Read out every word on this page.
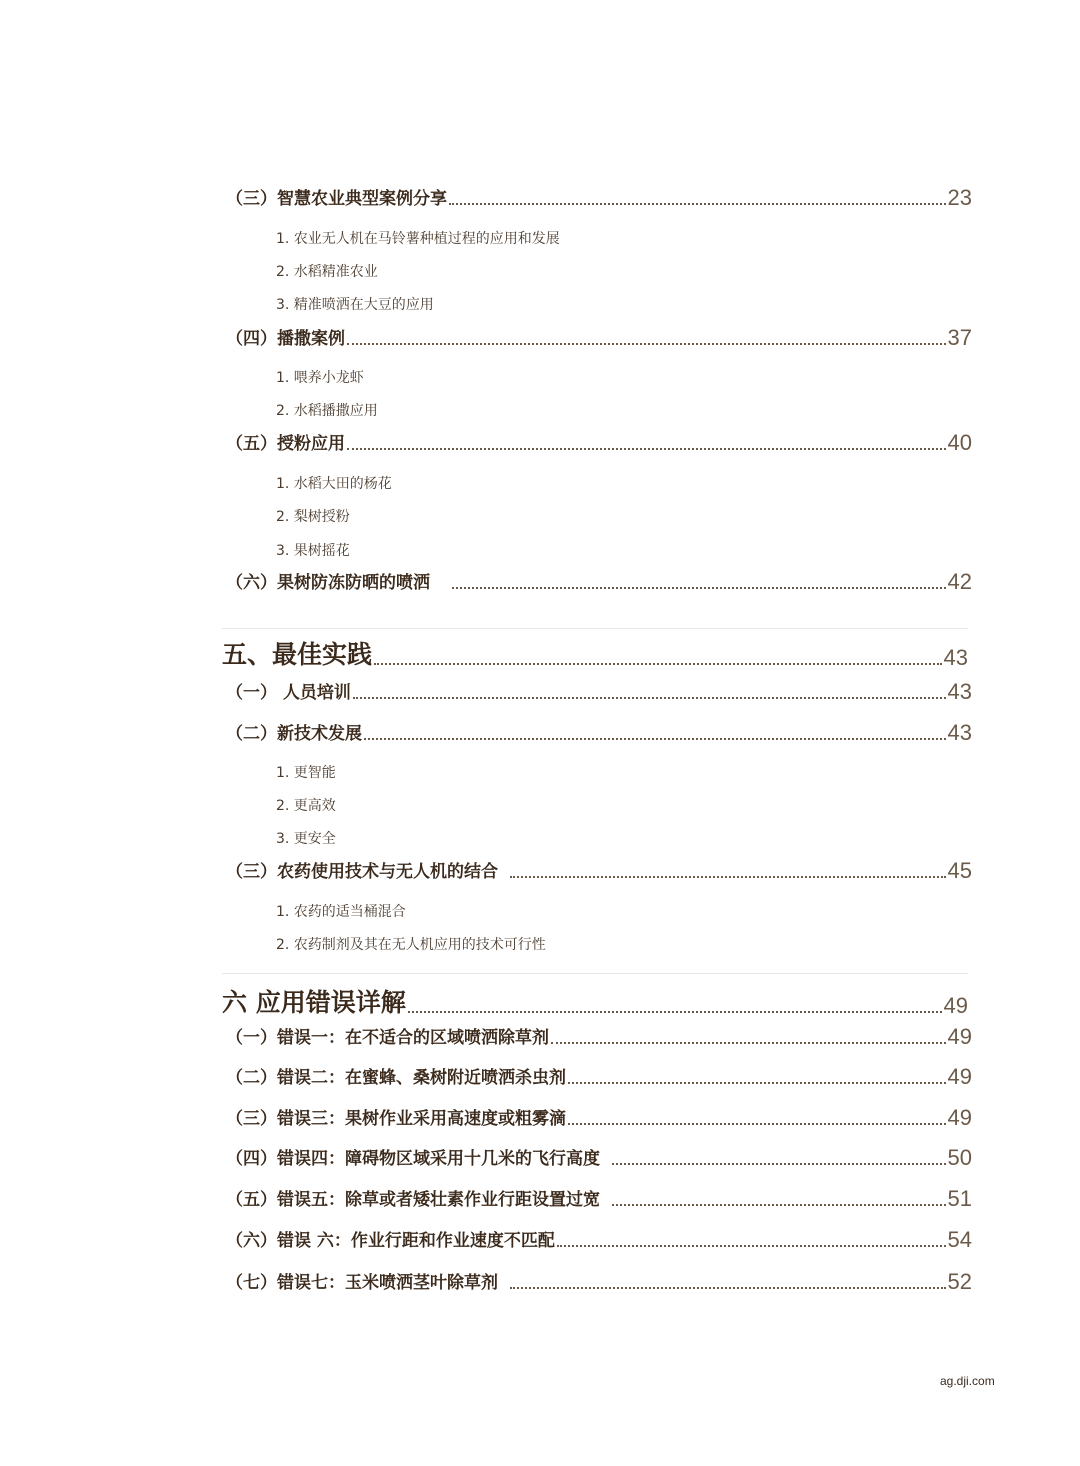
（三）智慧农业典型案例分享	23
1. 农业无人机在马铃薯种植过程的应用和发展
2. 水稻精准农业
3. 精准喷洒在大豆的应用
（四）播撒案例	37
1. 喂养小龙虾
2. 水稻播撒应用
（五）授粉应用	40
1. 水稻大田的杨花
2. 梨树授粉
3. 果树摇花
（六）果树防冻防晒的喷洒	42
五、最佳实践	43
（一） 人员培训	43
（二）新技术发展	43
1. 更智能
2. 更高效
3. 更安全
（三）农药使用技术与无人机的结合	45
1. 农药的适当桶混合
2. 农药制剂及其在无人机应用的技术可行性
六 应用错误详解	49
（一）错误一：在不适合的区域喷洒除草剂	49
（二）错误二：在蜜蜂、桑树附近喷洒杀虫剂	49
（三）错误三：果树作业采用高速度或粗雾滴	49
（四）错误四：障碍物区域采用十几米的飞行高度	50
（五）错误五：除草或者矮壮素作业行距设置过宽	51
（六）错误 六：作业行距和作业速度不匹配	54
（七）错误七：玉米喷洒茎叶除草剂	52
ag.dji.com
